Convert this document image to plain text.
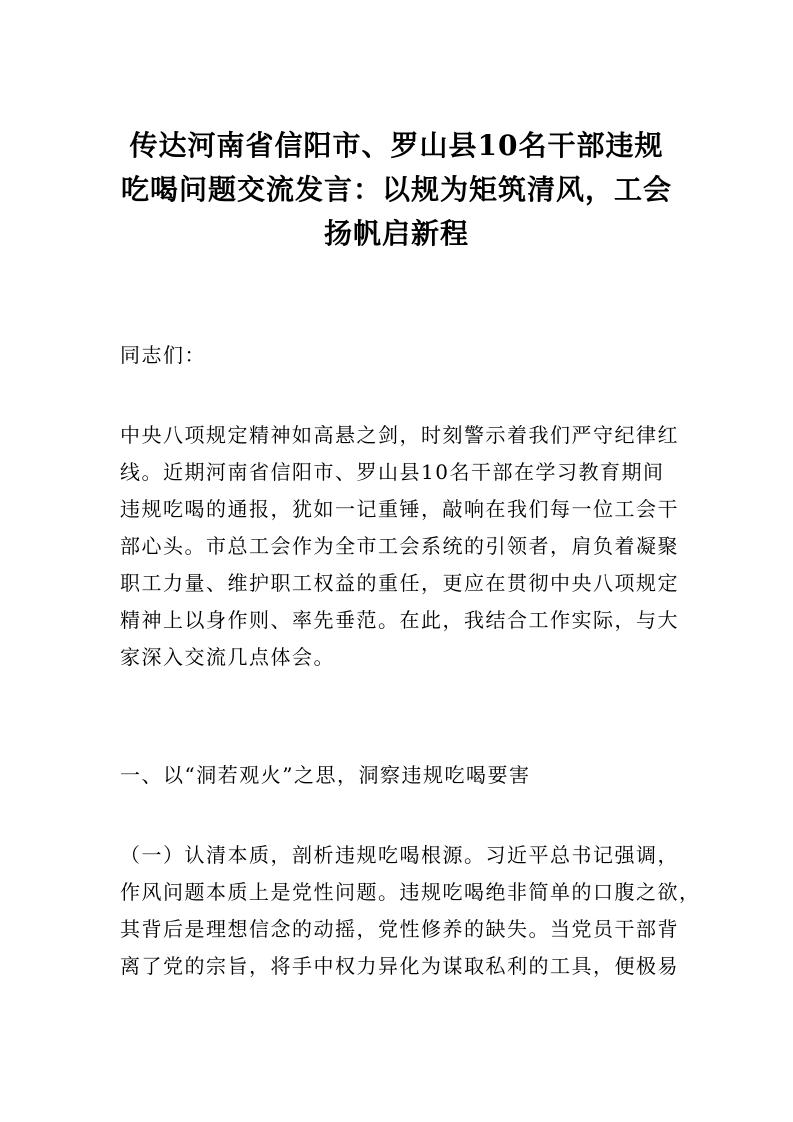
传达河南省信阳市、罗山县10名干部违规
吃喝问题交流发言：以规为矩筑清风，工会
扬帆启新程

同志们：

中央八项规定精神如高悬之剑，时刻警示着我们严守纪律红
线。近期河南省信阳市、罗山县10名干部在学习教育期间
违规吃喝的通报，犹如一记重锤，敲响在我们每一位工会干
部心头。市总工会作为全市工会系统的引领者，肩负着凝聚
职工力量、维护职工权益的重任，更应在贯彻中央八项规定
精神上以身作则、率先垂范。在此，我结合工作实际，与大
家深入交流几点体会。

一、以“洞若观火”之思，洞察违规吃喝要害

（一）认清本质，剖析违规吃喝根源。习近平总书记强调，
作风问题本质上是党性问题。违规吃喝绝非简单的口腹之欲，
其背后是理想信念的动摇，党性修养的缺失。当党员干部背
离了党的宗旨，将手中权力异化为谋取私利的工具，便极易
